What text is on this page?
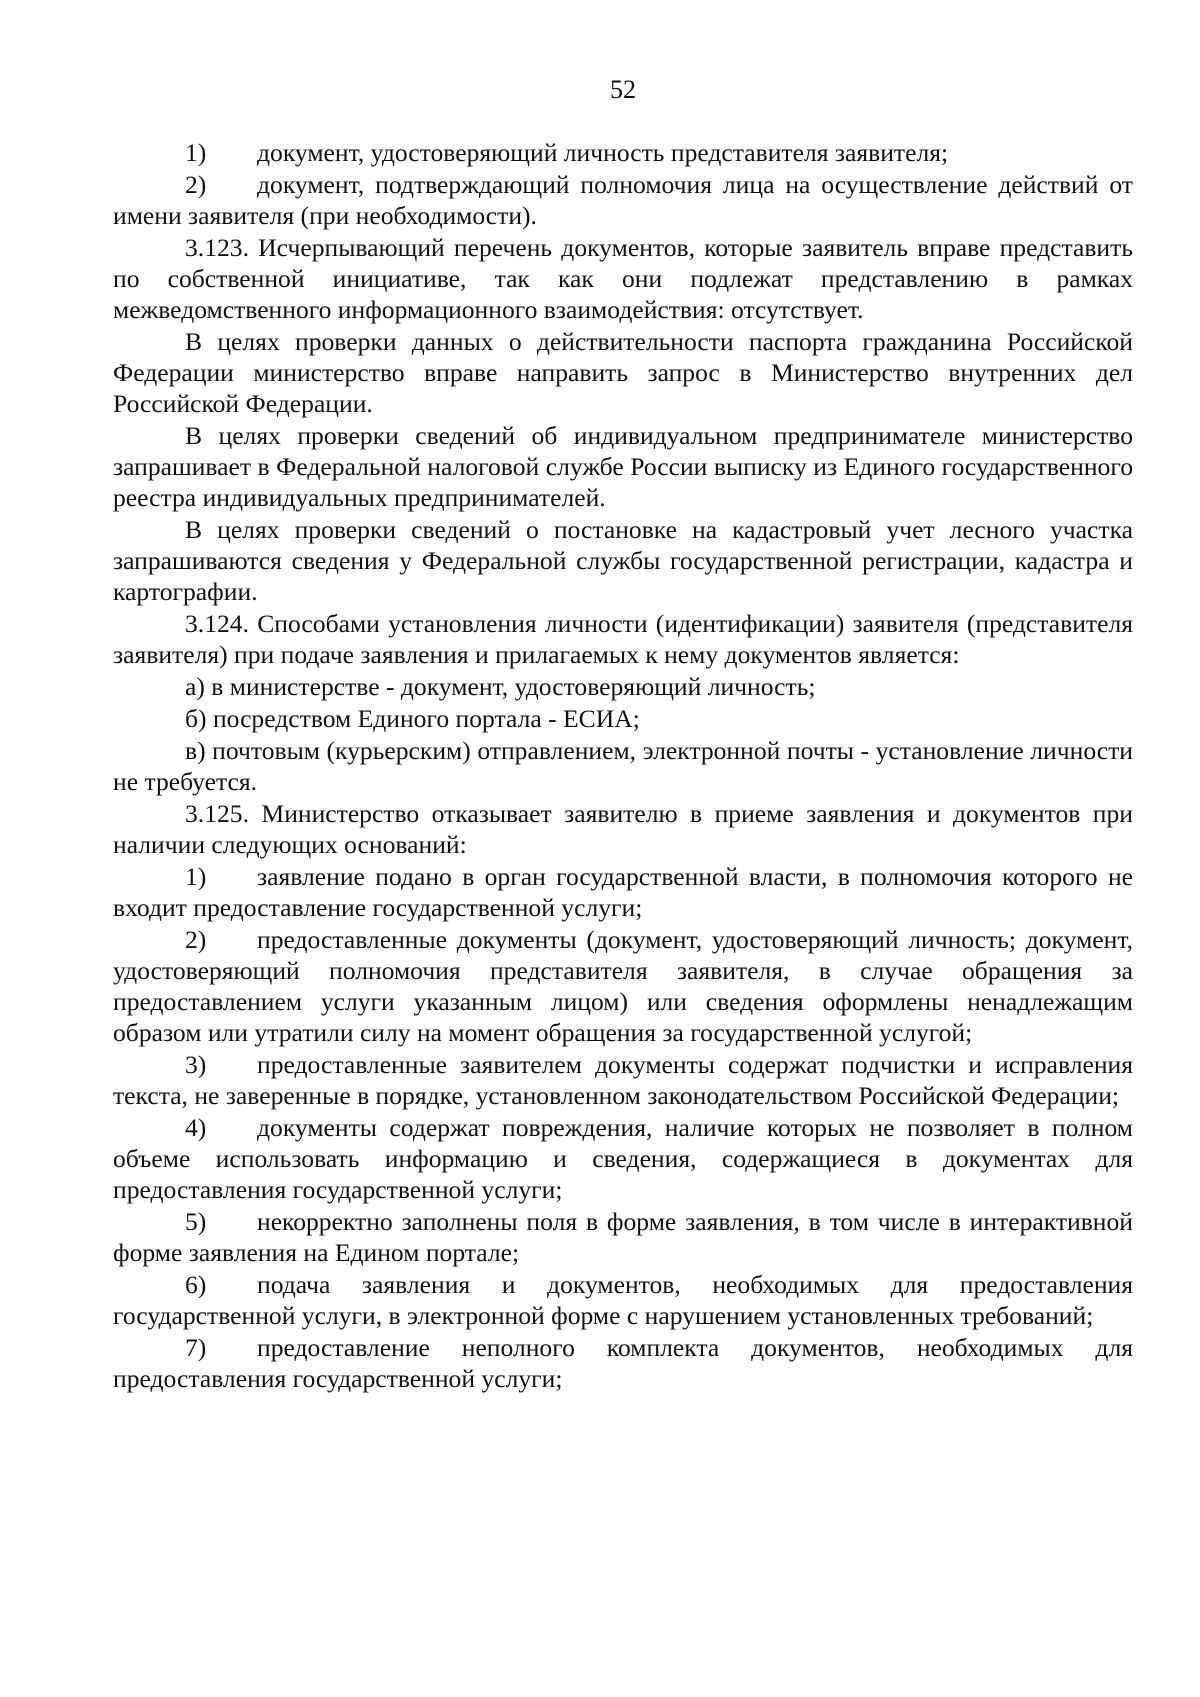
52

1) документ, удостоверяющий личность представителя заявителя;

2) документ, подтверждающий полномочия лица на осуществление действий от имени заявителя (при необходимости).

3.123. Исчерпывающий перечень документов, которые заявитель вправе представить по собственной инициативе, так как они подлежат представлению в рамках межведомственного информационного взаимодействия: отсутствует.

В целях проверки данных о действительности паспорта гражданина Российской Федерации министерство вправе направить запрос в Министерство внутренних дел Российской Федерации.

В целях проверки сведений об индивидуальном предпринимателе министерство запрашивает в Федеральной налоговой службе России выписку из Единого государственного реестра индивидуальных предпринимателей.

В целях проверки сведений о постановке на кадастровый учет лесного участка запрашиваются сведения у Федеральной службы государственной регистрации, кадастра и картографии.

3.124. Способами установления личности (идентификации) заявителя (представителя заявителя) при подаче заявления и прилагаемых к нему документов является:

а) в министерстве - документ, удостоверяющий личность;

б) посредством Единого портала - ЕСИА;

в) почтовым (курьерским) отправлением, электронной почты - установление личности не требуется.

3.125. Министерство отказывает заявителю в приеме заявления и документов при наличии следующих оснований:

1) заявление подано в орган государственной власти, в полномочия которого не входит предоставление государственной услуги;

2) предоставленные документы (документ, удостоверяющий личность; документ, удостоверяющий полномочия представителя заявителя, в случае обращения за предоставлением услуги указанным лицом) или сведения оформлены ненадлежащим образом или утратили силу на момент обращения за государственной услугой;

3) предоставленные заявителем документы содержат подчистки и исправления текста, не заверенные в порядке, установленном законодательством Российской Федерации;

4) документы содержат повреждения, наличие которых не позволяет в полном объеме использовать информацию и сведения, содержащиеся в документах для предоставления государственной услуги;

5) некорректно заполнены поля в форме заявления, в том числе в интерактивной форме заявления на Едином портале;

6) подача заявления и документов, необходимых для предоставления государственной услуги, в электронной форме с нарушением установленных требований;

7) предоставление неполного комплекта документов, необходимых для предоставления государственной услуги;
